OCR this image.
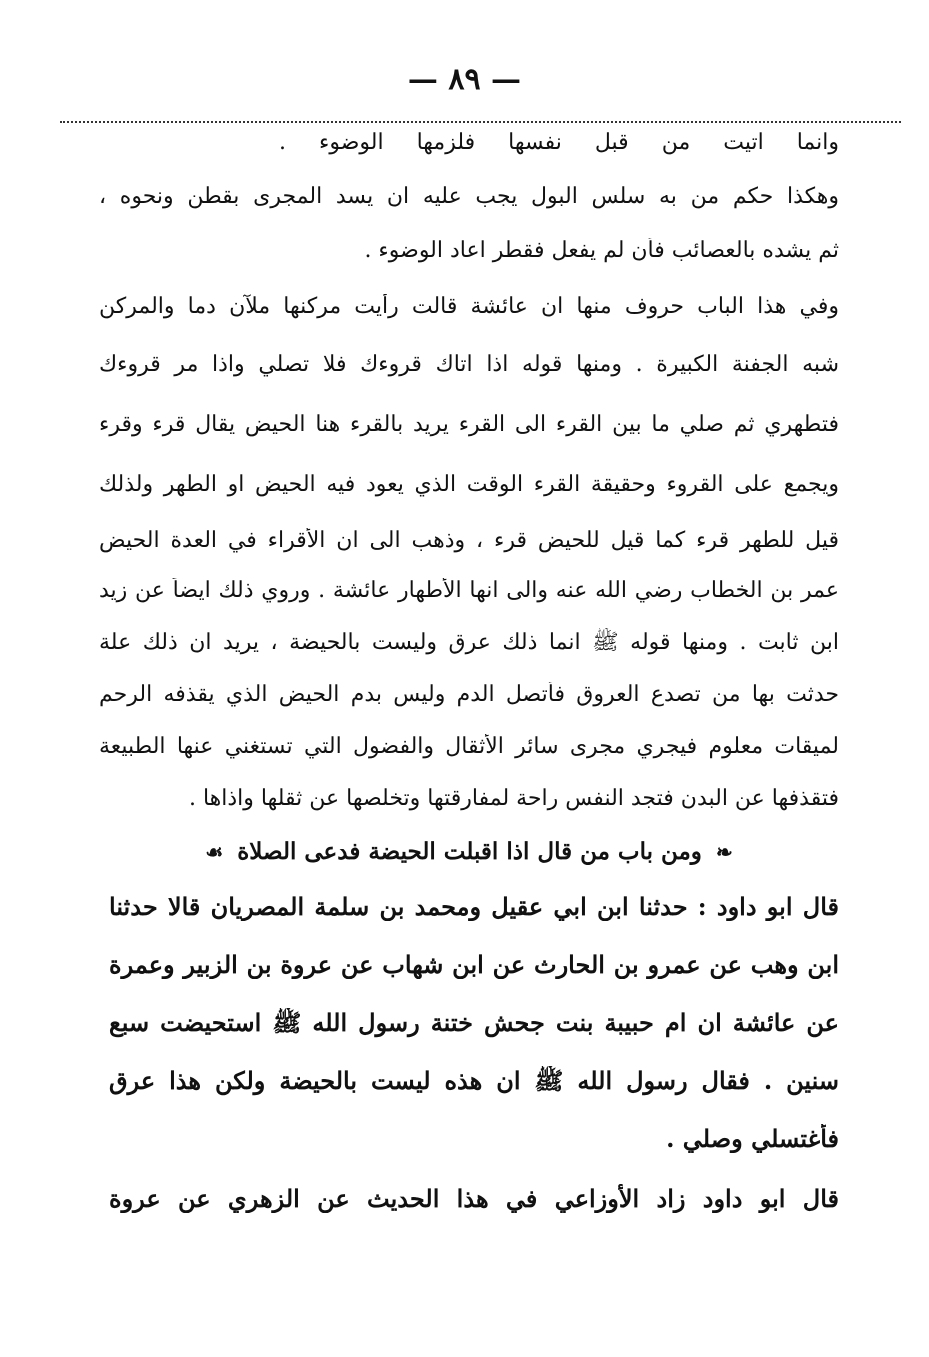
— ٨٩ —
وانما اتيت من قبل نفسها فلزمها الوضوء .
وهكذا حكم من به سلس البول يجب عليه ان يسد المجرى بقطن ونحوه ،
ثم يشده بالعصائب فأن لم يفعل فقطر اعاد الوضوء .
وفي هذا الباب حروف منها ان عائشة قالت رأيت مركنها ملآن دما والمركن
شبه الجفنة الكبيرة . ومنها قوله اذا اتاك قروءك فلا تصلي واذا مر قروءك
فتطهري ثم صلي ما بين القرء الى القرء يريد بالقرء هنا الحيض يقال قرء وقرء
ويجمع على القروء وحقيقة القرء الوقت الذي يعود فيه الحيض او الطهر ولذلك
قيل للطهر قرء كما قيل للحيض قرء ، وذهب الى ان الأقراء في العدة الحيض
عمر بن الخطاب رضي الله عنه والى انها الأطهار عائشة . وروي ذلك ايضاً عن زيد
ابن ثابت . ومنها قوله ﷺ انما ذلك عرق وليست بالحيضة ، يريد ان ذلك علة
حدثت بها من تصدع العروق فأتصل الدم وليس بدم الحيض الذي يقذفه الرحم
لميقات معلوم فيجري مجرى سائر الأثقال والفضول التي تستغني عنها الطبيعة
فتقذفها عن البدن فتجد النفس راحة لمفارقتها وتخلصها عن ثقلها واذاها .
❧ ومن باب من قال اذا اقبلت الحيضة فدعى الصلاة ☙
قال ابو داود : حدثنا ابن ابي عقيل ومحمد بن سلمة المصريان قالا حدثنا
ابن وهب عن عمرو بن الحارث عن ابن شهاب عن عروة بن الزبير وعمرة
عن عائشة ان ام حبيبة بنت جحش ختنة رسول الله ﷺ استحيضت سبع
سنين . فقال رسول الله ﷺ ان هذه ليست بالحيضة ولكن هذا عرق
فأغتسلي وصلي .
قال ابو داود زاد الأوزاعي في هذا الحديث عن الزهري عن عروة
